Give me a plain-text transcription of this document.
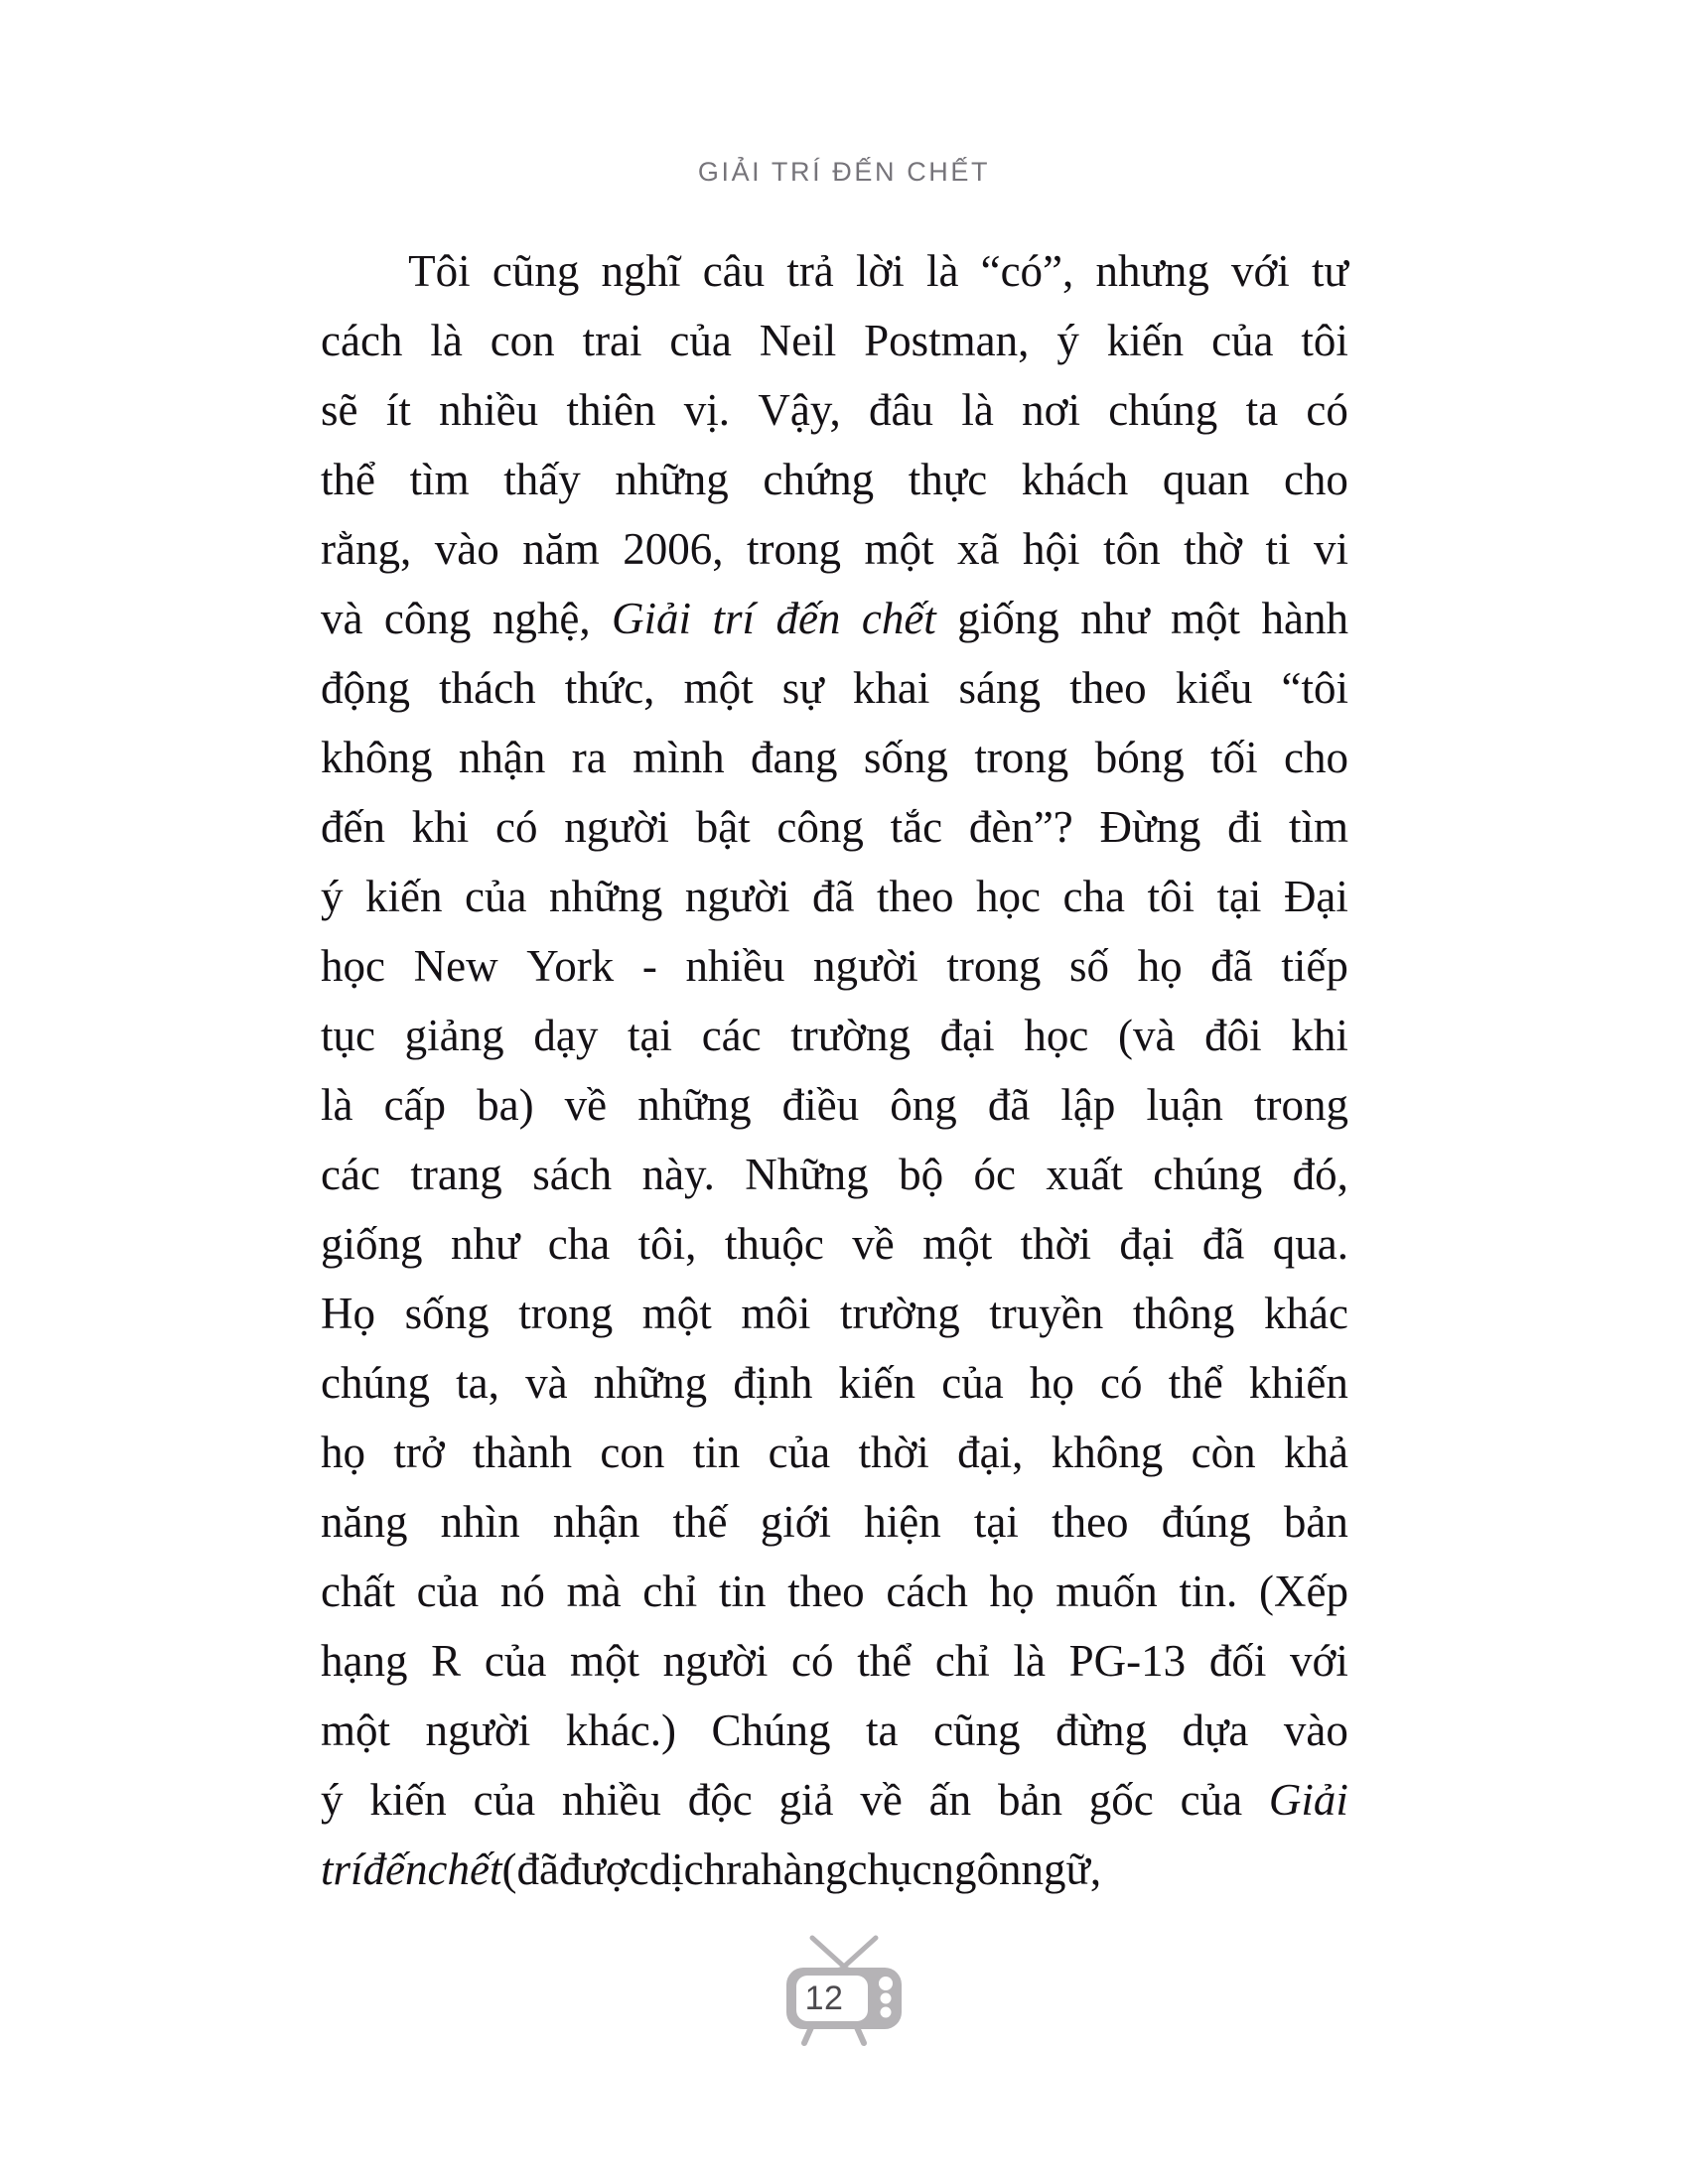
GIẢI TRÍ ĐẾN CHẾT
Tôi cũng nghĩ câu trả lời là “có”, nhưng với tư
cách là con trai của Neil Postman, ý kiến của tôi
sẽ ít nhiều thiên vị. Vậy, đâu là nơi chúng ta có
thể tìm thấy những chứng thực khách quan cho
rằng, vào năm 2006, trong một xã hội tôn thờ ti vi
và công nghệ, Giải trí đến chết giống như một hành
động thách thức, một sự khai sáng theo kiểu “tôi
không nhận ra mình đang sống trong bóng tối cho
đến khi có người bật công tắc đèn”? Đừng đi tìm
ý kiến của những người đã theo học cha tôi tại Đại
học New York - nhiều người trong số họ đã tiếp
tục giảng dạy tại các trường đại học (và đôi khi
là cấp ba) về những điều ông đã lập luận trong
các trang sách này. Những bộ óc xuất chúng đó,
giống như cha tôi, thuộc về một thời đại đã qua.
Họ sống trong một môi trường truyền thông khác
chúng ta, và những định kiến của họ có thể khiến
họ trở thành con tin của thời đại, không còn khả
năng nhìn nhận thế giới hiện tại theo đúng bản
chất của nó mà chỉ tin theo cách họ muốn tin. (Xếp
hạng R của một người có thể chỉ là PG-13 đối với
một người khác.) Chúng ta cũng đừng dựa vào
ý kiến của nhiều độc giả về ấn bản gốc của Giải
trí đến chết (đã được dịch ra hàng chục ngôn ngữ,
12
